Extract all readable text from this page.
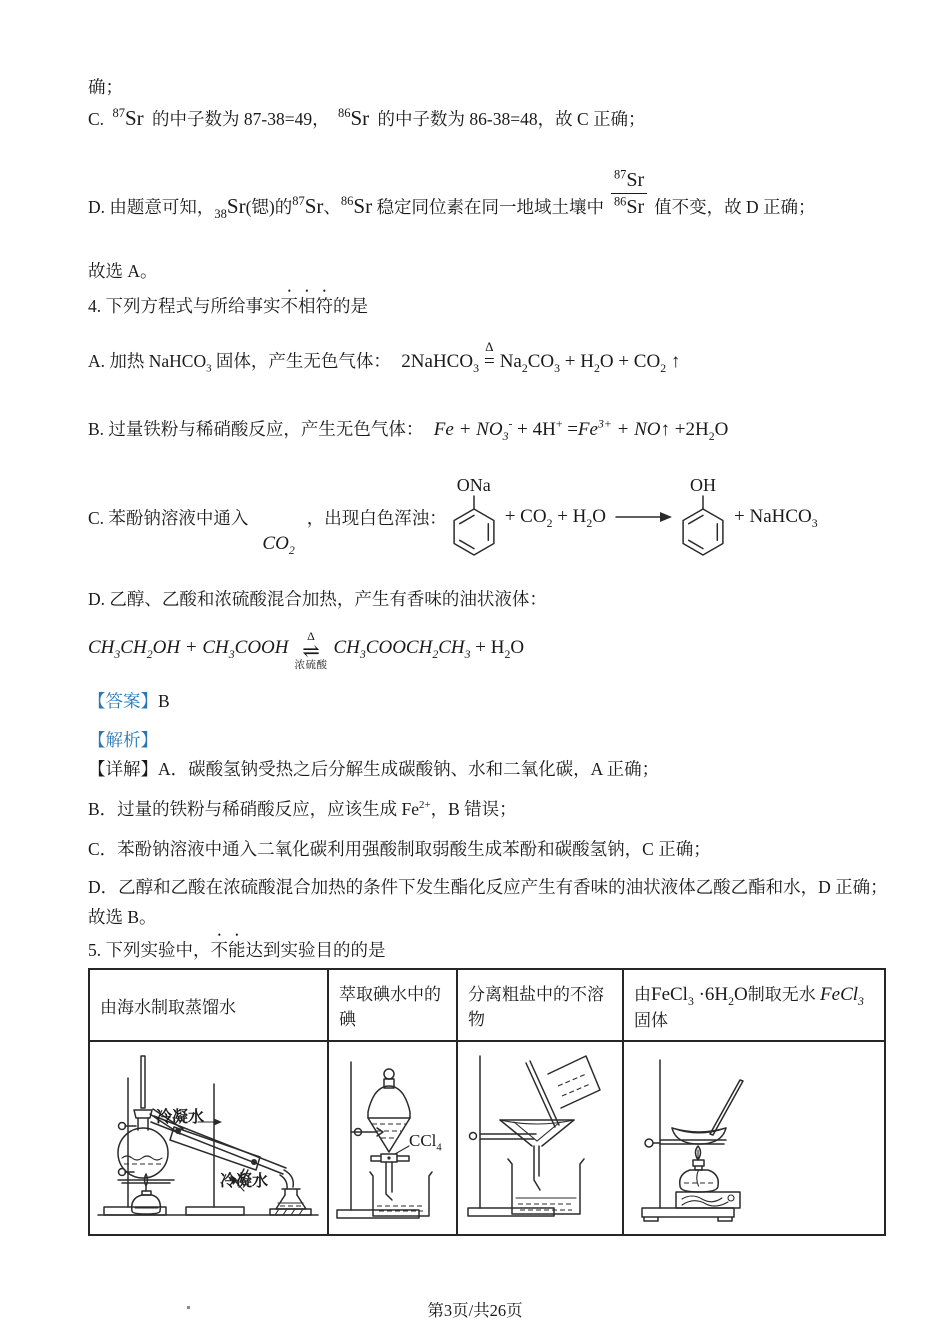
确；
C. $^{87}$Sr 的中子数为 87-38=49， $^{86}$Sr 的中子数为 86-38=48，故 C 正确；
D. 由题意可知，$_{38}$Sr(锶)的$^{87}$Sr、$^{86}$Sr 稳定同位素在同一地域土壤中 $\frac{^{87}Sr}{^{86}Sr}$ 值不变，故 D 正确；
故选 A。
4. 下列方程式与所给事实不相符的是
A. 加热 NaHCO$_3$ 固体，产生无色气体： 2NaHCO$_3$
Δ
= $Na_2CO_3 + H_2O + CO_2$ ↑
B. 过量铁粉与稀硝酸反应，产生无色气体： $Fe + NO_3^- + 4H^+ =Fe^{3+}$ + NO↑ $+2H_2O$
C. 苯酚钠溶液中通入
$CO_2$
，出现白色浑浊：
ONa
+ $CO_2 + H_2O$ →
OH
+ NaHCO$_3$
D. 乙醇、乙酸和浓硫酸混合加热，产生有香味的油状液体：
$CH_3CH_2OH$ + $CH_3COOH$
Δ
⇌
浓硫酸
$CH_3COOCH_2CH_3 + H_2O$
【答案】B
【解析】
【详解】A．碳酸氢钠受热之后分解生成碳酸钠、水和二氧化碳，A 正确；
B．过量的铁粉与稀硝酸反应，应该生成 $Fe^{2+}$，B 错误；
C．苯酚钠溶液中通入二氧化碳利用强酸制取弱酸生成苯酚和碳酸氢钠，C 正确；
D．乙醇和乙酸在浓硫酸混合加热的条件下发生酯化反应产生有香味的油状液体乙酸乙酯和水，D 正确；
故选 B。
5. 下列实验中，不能达到实验目的的是
由海水制取蒸馏水	萃取碘水中的碘	分离粗盐中的不溶物	由FeCl$_3$ $\cdot 6H_2O$制取无水 FeCl$_3$ 固体

冷凝水
冷凝水	CCl$_4$

第3页/共26页
